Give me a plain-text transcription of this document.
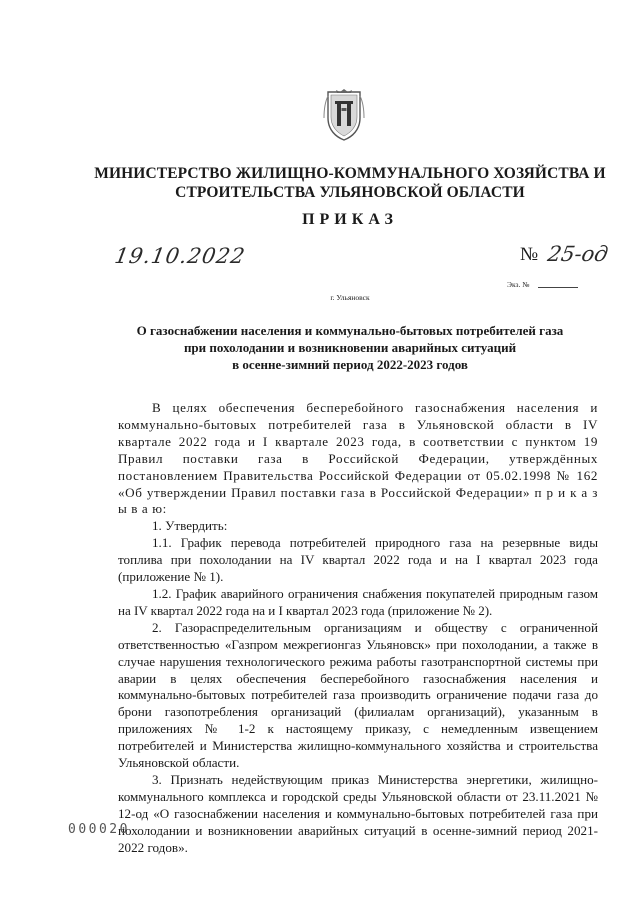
МИНИСТЕРСТВО ЖИЛИЩНО-КОММУНАЛЬНОГО ХОЗЯЙСТВА И
СТРОИТЕЛЬСТВА УЛЬЯНОВСКОЙ ОБЛАСТИ
ПРИКАЗ
19.10.2022	№ 25-од
Экз. №
г. Ульяновск
О газоснабжении населения и коммунально-бытовых потребителей газа
при похолодании и возникновении аварийных ситуаций
в осенне-зимний период 2022-2023 годов

В целях обеспечения бесперебойного газоснабжения населения и коммунально-бытовых потребителей газа в Ульяновской области в IV квартале 2022 года и I квартале 2023 года, в соответствии с пунктом 19 Правил поставки газа в Российской Федерации, утверждённых постановлением Правительства Российской Федерации от 05.02.1998 № 162 «Об утверждении Правил поставки газа в Российской Федерации» п р и к а з ы в а ю:

1. Утвердить:

1.1. График перевода потребителей природного газа на резервные виды топлива при похолодании на IV квартал 2022 года и на I квартал 2023 года (приложение № 1).

1.2. График аварийного ограничения снабжения покупателей природным газом на IV квартал 2022 года на и I квартал 2023 года (приложение № 2).

2. Газораспределительным организациям и обществу с ограниченной ответственностью «Газпром межрегионгаз Ульяновск» при похолодании, а также в случае нарушения технологического режима работы газотранспортной системы при аварии в целях обеспечения бесперебойного газоснабжения населения и коммунально-бытовых потребителей газа производить ограничение подачи газа до брони газопотребления организаций (филиалам организаций), указанным в приложениях № 1-2 к настоящему приказу, с немедленным извещением потребителей и Министерства жилищно-коммунального хозяйства и строительства Ульяновской области.

3. Признать недействующим приказ Министерства энергетики, жилищно-коммунального комплекса и городской среды Ульяновской области от 23.11.2021 № 12-од «О газоснабжении населения и коммунально-бытовых потребителей газа при похолодании и возникновении аварийных ситуаций в осенне-зимний период 2021-2022 годов».

000020
